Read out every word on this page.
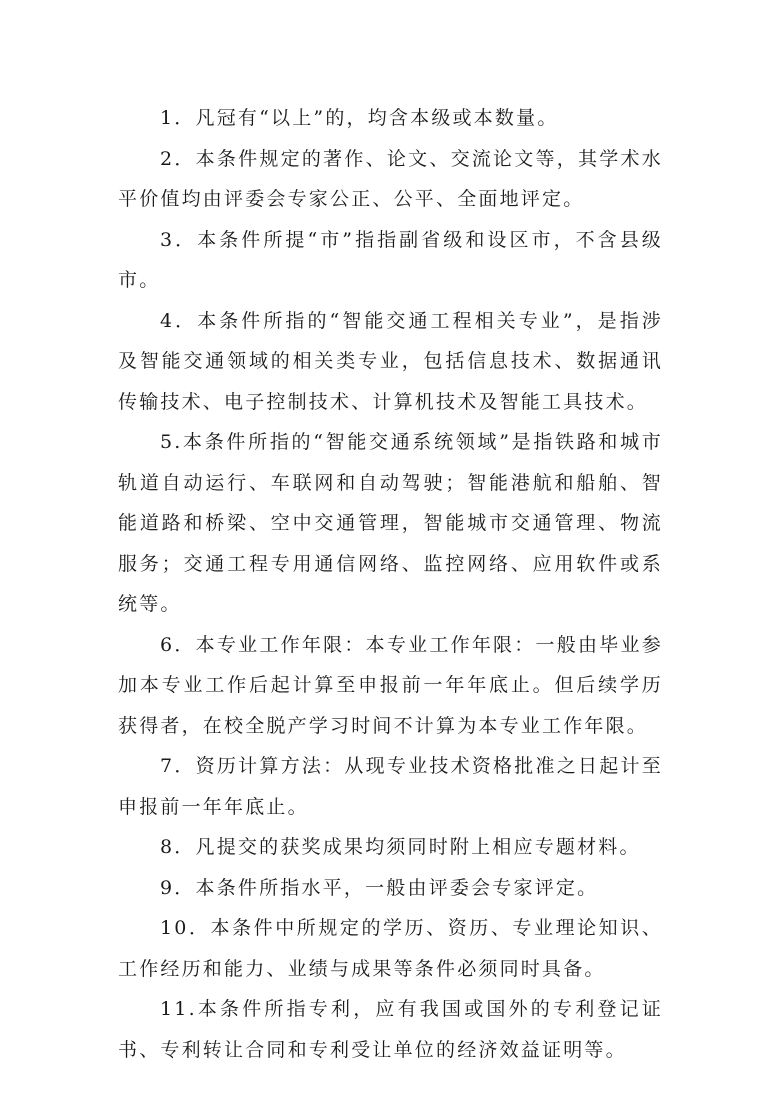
1．凡冠有“以上”的，均含本级或本数量。

2．本条件规定的著作、论文、交流论文等，其学术水平价值均由评委会专家公正、公平、全面地评定。

3．本条件所提“市”指指副省级和设区市，不含县级市。

4．本条件所指的“智能交通工程相关专业”，是指涉及智能交通领域的相关类专业，包括信息技术、数据通讯传输技术、电子控制技术、计算机技术及智能工具技术。

5.本条件所指的“智能交通系统领域”是指铁路和城市轨道自动运行、车联网和自动驾驶；智能港航和船舶、智能道路和桥梁、空中交通管理，智能城市交通管理、物流服务；交通工程专用通信网络、监控网络、应用软件或系统等。

6．本专业工作年限：本专业工作年限：一般由毕业参加本专业工作后起计算至申报前一年年底止。但后续学历获得者，在校全脱产学习时间不计算为本专业工作年限。

7．资历计算方法：从现专业技术资格批准之日起计至申报前一年年底止。

8．凡提交的获奖成果均须同时附上相应专题材料。

9．本条件所指水平，一般由评委会专家评定。

10．本条件中所规定的学历、资历、专业理论知识、工作经历和能力、业绩与成果等条件必须同时具备。

11.本条件所指专利，应有我国或国外的专利登记证书、专利转让合同和专利受让单位的经济效益证明等。
